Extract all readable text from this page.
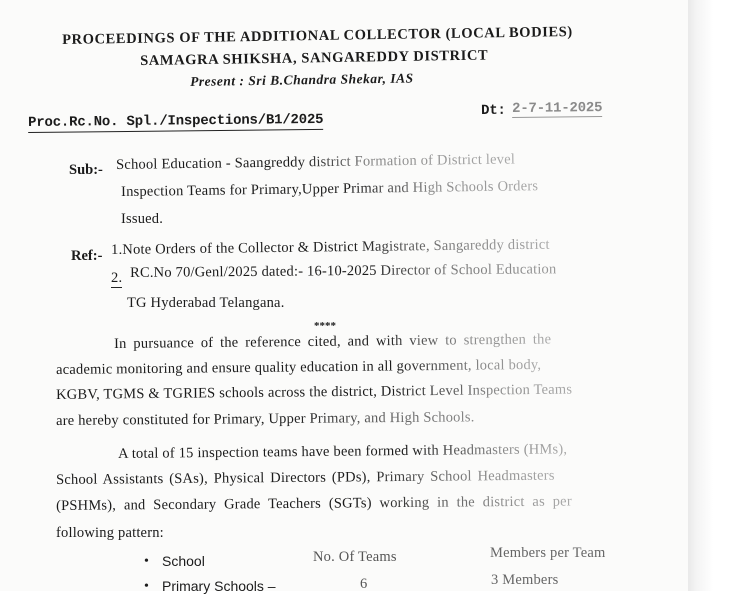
PROCEEDINGS OF THE ADDITIONAL COLLECTOR (LOCAL BODIES)
SAMAGRA SHIKSHA, SANGAREDDY DISTRICT
Present : Sri B.Chandra Shekar, IAS
Proc.Rc.No. Spl./Inspections/B1/2025
Dt: 2-7-11-2025
Sub:- School Education - Saangreddy district Formation of District level
Inspection Teams for Primary,Upper Primar and High Schools Orders
Issued.
Ref:- 1.Note Orders of the Collector & District Magistrate, Sangareddy district
2. RC.No 70/Genl/2025 dated:- 16-10-2025 Director of School Education
TG Hyderabad Telangana.
****
In pursuance of the reference cited, and with view to strengthen the
academic monitoring and ensure quality education in all government, local body,
KGBV, TGMS & TGRIES schools across the district, District Level Inspection Teams
are hereby constituted for Primary, Upper Primary, and High Schools.
A total of 15 inspection teams have been formed with Headmasters (HMs),
School Assistants (SAs), Physical Directors (PDs), Primary School Headmasters
(PSHMs), and Secondary Grade Teachers (SGTs) working in the district as per
following pattern:
• School	No. Of Teams	Members per Team
• Primary Schools –	6	3 Members
